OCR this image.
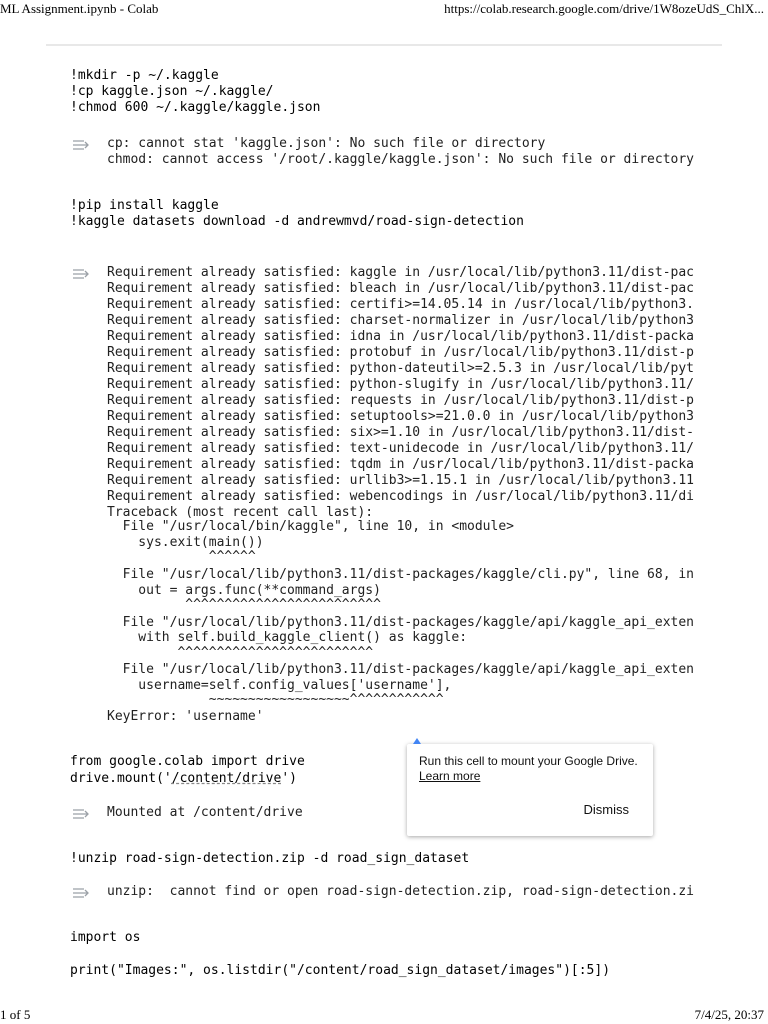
ML Assignment.ipynb - Colab	https://colab.research.google.com/drive/1W8ozeUdS_ChlX...
!mkdir -p ~/.kaggle
!cp kaggle.json ~/.kaggle/
!chmod 600 ~/.kaggle/kaggle.json
cp: cannot stat 'kaggle.json': No such file or directory
chmod: cannot access '/root/.kaggle/kaggle.json': No such file or directory
!pip install kaggle
!kaggle datasets download -d andrewmvd/road-sign-detection
Requirement already satisfied: kaggle in /usr/local/lib/python3.11/dist-pac
Requirement already satisfied: bleach in /usr/local/lib/python3.11/dist-pac
Requirement already satisfied: certifi>=14.05.14 in /usr/local/lib/python3.
Requirement already satisfied: charset-normalizer in /usr/local/lib/python3
Requirement already satisfied: idna in /usr/local/lib/python3.11/dist-packa
Requirement already satisfied: protobuf in /usr/local/lib/python3.11/dist-p
Requirement already satisfied: python-dateutil>=2.5.3 in /usr/local/lib/pyt
Requirement already satisfied: python-slugify in /usr/local/lib/python3.11/
Requirement already satisfied: requests in /usr/local/lib/python3.11/dist-p
Requirement already satisfied: setuptools>=21.0.0 in /usr/local/lib/python3
Requirement already satisfied: six>=1.10 in /usr/local/lib/python3.11/dist-
Requirement already satisfied: text-unidecode in /usr/local/lib/python3.11/
Requirement already satisfied: tqdm in /usr/local/lib/python3.11/dist-packa
Requirement already satisfied: urllib3>=1.15.1 in /usr/local/lib/python3.11
Requirement already satisfied: webencodings in /usr/local/lib/python3.11/di
Traceback (most recent call last):
File "/usr/local/bin/kaggle", line 10, in <module>
sys.exit(main())
^^^^^^
File "/usr/local/lib/python3.11/dist-packages/kaggle/cli.py", line 68, in
out = args.func(**command_args)
^^^^^^^^^^^^^^^^^^^^^^^^^
File "/usr/local/lib/python3.11/dist-packages/kaggle/api/kaggle_api_exten
with self.build_kaggle_client() as kaggle:
^^^^^^^^^^^^^^^^^^^^^^^^^
File "/usr/local/lib/python3.11/dist-packages/kaggle/api/kaggle_api_exten
username=self.config_values['username'],
~~~~~~~~~~~~~~~~~~^^^^^^^^^^^^
KeyError: 'username'
from google.colab import drive
drive.mount('/content/drive')
Mounted at /content/drive
!unzip road-sign-detection.zip -d road_sign_dataset
unzip:  cannot find or open road-sign-detection.zip, road-sign-detection.zi
import os
print("Images:", os.listdir("/content/road_sign_dataset/images")[:5])
Run this cell to mount your Google Drive.
Learn more
Dismiss
1 of 5	7/4/25, 20:37
